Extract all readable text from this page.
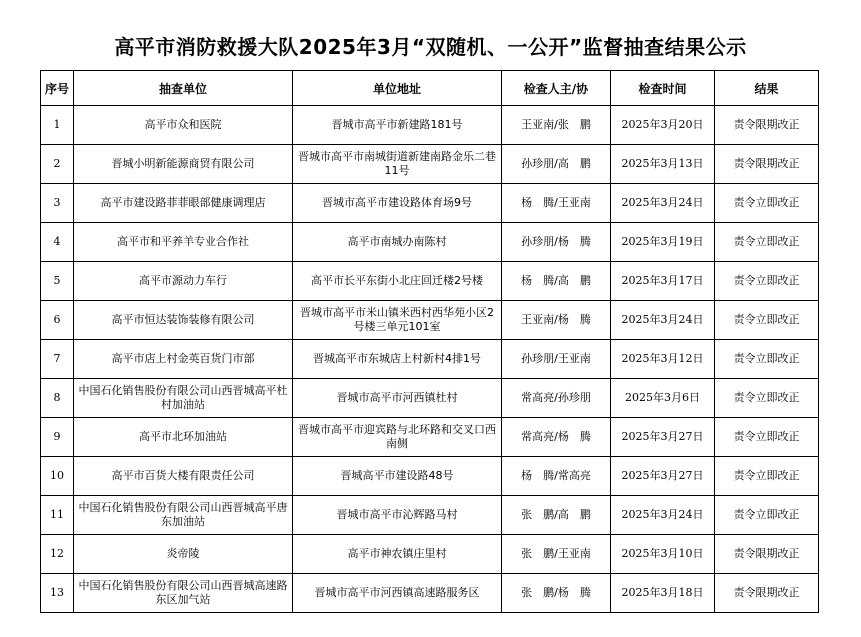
高平市消防救援大队2025年3月“双随机、一公开”监督抽查结果公示
序号	抽查单位	单位地址	检查人主/协	检查时间	结果
1	高平市众和医院	晋城市高平市新建路181号	王亚南/张　鹏	2025年3月20日	责令限期改正
2	晋城小明新能源商贸有限公司	晋城市高平市南城街道新建南路金乐二巷11号	孙珍朋/高　鹏	2025年3月13日	责令限期改正
3	高平市建设路菲菲眼部健康调理店	晋城市高平市建设路体育场9号	杨　腾/王亚南	2025年3月24日	责令立即改正
4	高平市和平养羊专业合作社	高平市南城办南陈村	孙珍朋/杨　腾	2025年3月19日	责令立即改正
5	高平市源动力车行	高平市长平东街小北庄回迁楼2号楼	杨　腾/高　鹏	2025年3月17日	责令立即改正
6	高平市恒达装饰装修有限公司	晋城市高平市米山镇米西村西华苑小区2号楼三单元101室	王亚南/杨　腾	2025年3月24日	责令立即改正
7	高平市店上村金英百货门市部	晋城高平市东城店上村新村4排1号	孙珍朋/王亚南	2025年3月12日	责令立即改正
8	中国石化销售股份有限公司山西晋城高平杜村加油站	晋城市高平市河西镇杜村	常高亮/孙珍朋	2025年3月6日	责令立即改正
9	高平市北环加油站	晋城市高平市迎宾路与北环路和交叉口西南侧	常高亮/杨　腾	2025年3月27日	责令立即改正
10	高平市百货大楼有限责任公司	晋城高平市建设路48号	杨　腾/常高亮	2025年3月27日	责令立即改正
11	中国石化销售股份有限公司山西晋城高平唐东加油站	晋城市高平市沁辉路马村	张　鹏/高　鹏	2025年3月24日	责令立即改正
12	炎帝陵	高平市神农镇庄里村	张　鹏/王亚南	2025年3月10日	责令限期改正
13	中国石化销售股份有限公司山西晋城高速路东区加气站	晋城市高平市河西镇高速路服务区	张　鹏/杨　腾	2025年3月18日	责令限期改正
